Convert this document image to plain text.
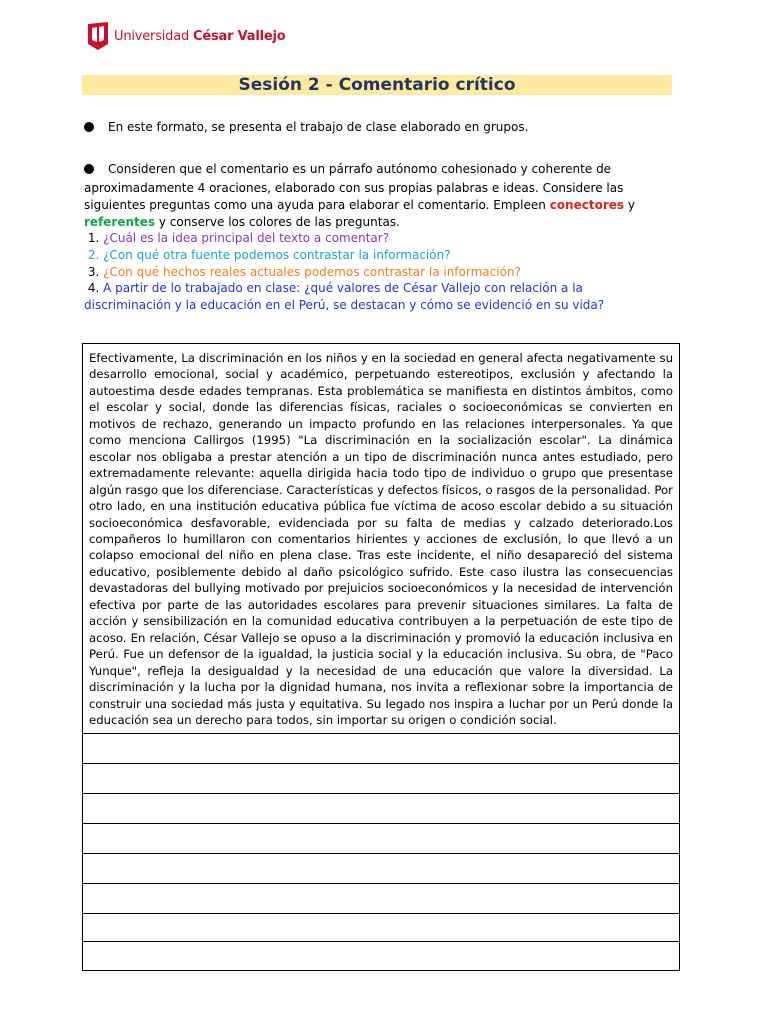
Universidad César Vallejo
Sesión 2 - Comentario crítico
En este formato, se presenta el trabajo de clase elaborado en grupos.
Consideren que el comentario es un párrafo autónomo cohesionado y coherente de
aproximadamente 4 oraciones, elaborado con sus propias palabras e ideas. Considere las siguientes preguntas como una ayuda para elaborar el comentario. Empleen conectores y referentes y conserve los colores de las preguntas.
1. ¿Cuál es la idea principal del texto a comentar?
2. ¿Con qué otra fuente podemos contrastar la información?
3. ¿Con qué hechos reales actuales podemos contrastar la información?
4. A partir de lo trabajado en clase: ¿qué valores de César Vallejo con relación a la discriminación y la educación en el Perú, se destacan y cómo se evidenció en su vida?

Efectivamente, La discriminación en los niños y en la sociedad en general afecta negativamente su desarrollo emocional, social y académico, perpetuando estereotipos, exclusión y afectando la autoestima desde edades tempranas. Esta problemática se manifiesta en distintos ámbitos, como el escolar y social, donde las diferencias físicas, raciales o socioeconómicas se convierten en motivos de rechazo, generando un impacto profundo en las relaciones interpersonales. Ya que como menciona Callirgos (1995) "La discriminación en la socialización escolar". La dinámica escolar nos obligaba a prestar atención a un tipo de discriminación nunca antes estudiado, pero extremadamente relevante: aquella dirigida hacia todo tipo de individuo o grupo que presentase algún rasgo que los diferenciase. Características y defectos físicos, o rasgos de la personalidad. Por otro lado, en una institución educativa pública fue víctima de acoso escolar debido a su situación socioeconómica desfavorable, evidenciada por su falta de medias y calzado deteriorado.Los compañeros lo humillaron con comentarios hirientes y acciones de exclusión, lo que llevó a un colapso emocional del niño en plena clase. Tras este incidente, el niño desapareció del sistema educativo, posiblemente debido al daño psicológico sufrido. Este caso ilustra las consecuencias devastadoras del bullying motivado por prejuicios socioeconómicos y la necesidad de intervención efectiva por parte de las autoridades escolares para prevenir situaciones similares. La falta de acción y sensibilización en la comunidad educativa contribuyen a la perpetuación de este tipo de acoso. En relación, César Vallejo se opuso a la discriminación y promovió la educación inclusiva en Perú. Fue un defensor de la igualdad, la justicia social y la educación inclusiva. Su obra, de "Paco Yunque", refleja la desigualdad y la necesidad de una educación que valore la diversidad. La discriminación y la lucha por la dignidad humana, nos invita a reflexionar sobre la importancia de construir una sociedad más justa y equitativa. Su legado nos inspira a luchar por un Perú donde la educación sea un derecho para todos, sin importar su origen o condición social.
